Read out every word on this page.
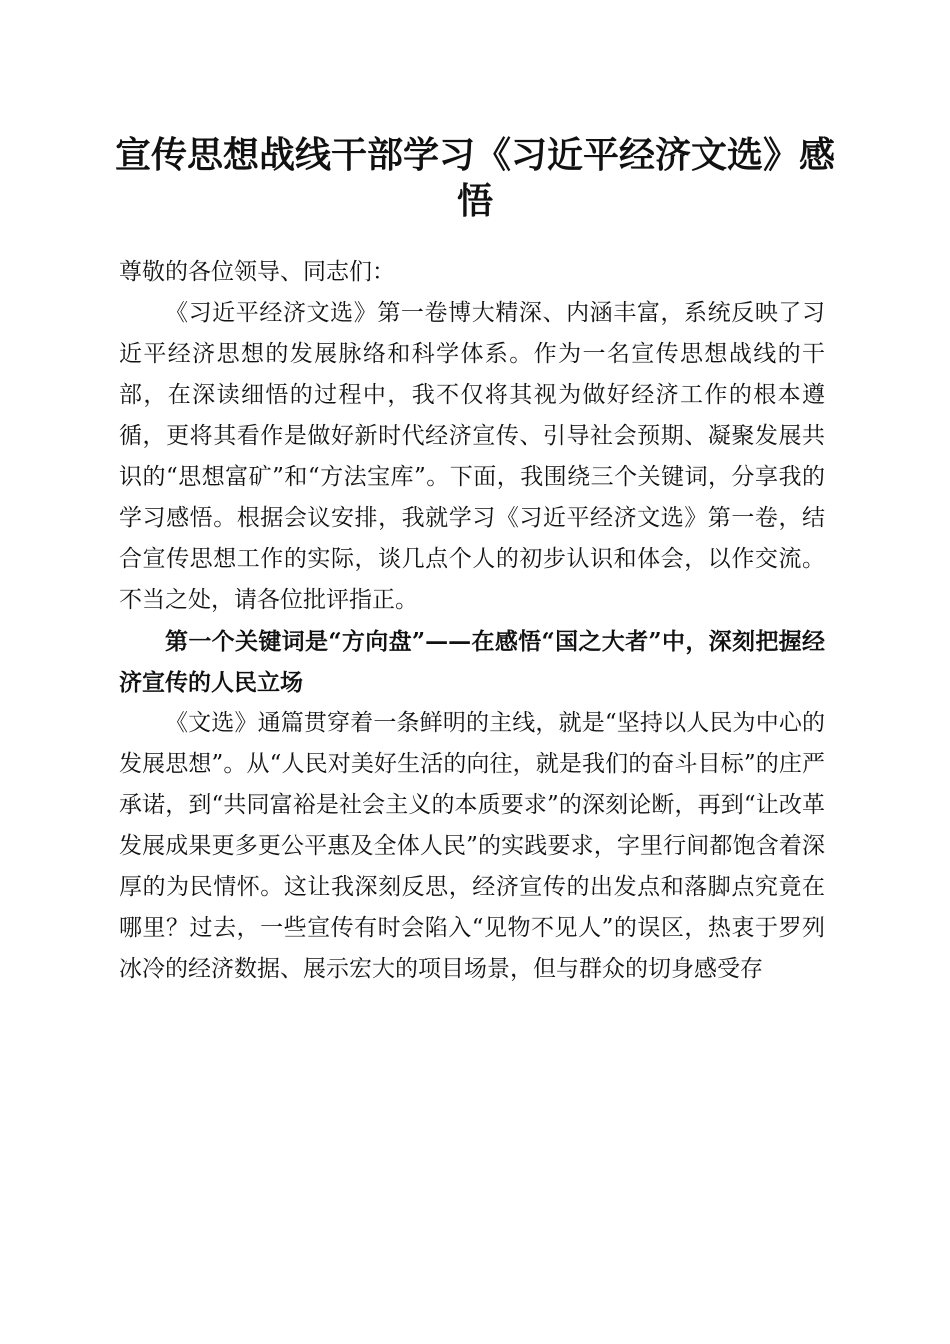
宣传思想战线干部学习《习近平经济文选》感悟

尊敬的各位领导、同志们：

《习近平经济文选》第一卷博大精深、内涵丰富，系统反映了习近平经济思想的发展脉络和科学体系。作为一名宣传思想战线的干部，在深读细悟的过程中，我不仅将其视为做好经济工作的根本遵循，更将其看作是做好新时代经济宣传、引导社会预期、凝聚发展共识的“思想富矿”和“方法宝库”。下面，我围绕三个关键词，分享我的学习感悟。根据会议安排，我就学习《习近平经济文选》第一卷，结合宣传思想工作的实际，谈几点个人的初步认识和体会，以作交流。不当之处，请各位批评指正。

第一个关键词是“方向盘”——在感悟“国之大者”中，深刻把握经济宣传的人民立场

《文选》通篇贯穿着一条鲜明的主线，就是“坚持以人民为中心的发展思想”。从“人民对美好生活的向往，就是我们的奋斗目标”的庄严承诺，到“共同富裕是社会主义的本质要求”的深刻论断，再到“让改革发展成果更多更公平惠及全体人民”的实践要求，字里行间都饱含着深厚的为民情怀。这让我深刻反思，经济宣传的出发点和落脚点究竟在哪里？过去，一些宣传有时会陷入“见物不见人”的误区，热衷于罗列冰冷的经济数据、展示宏大的项目场景，但与群众的切身感受存
